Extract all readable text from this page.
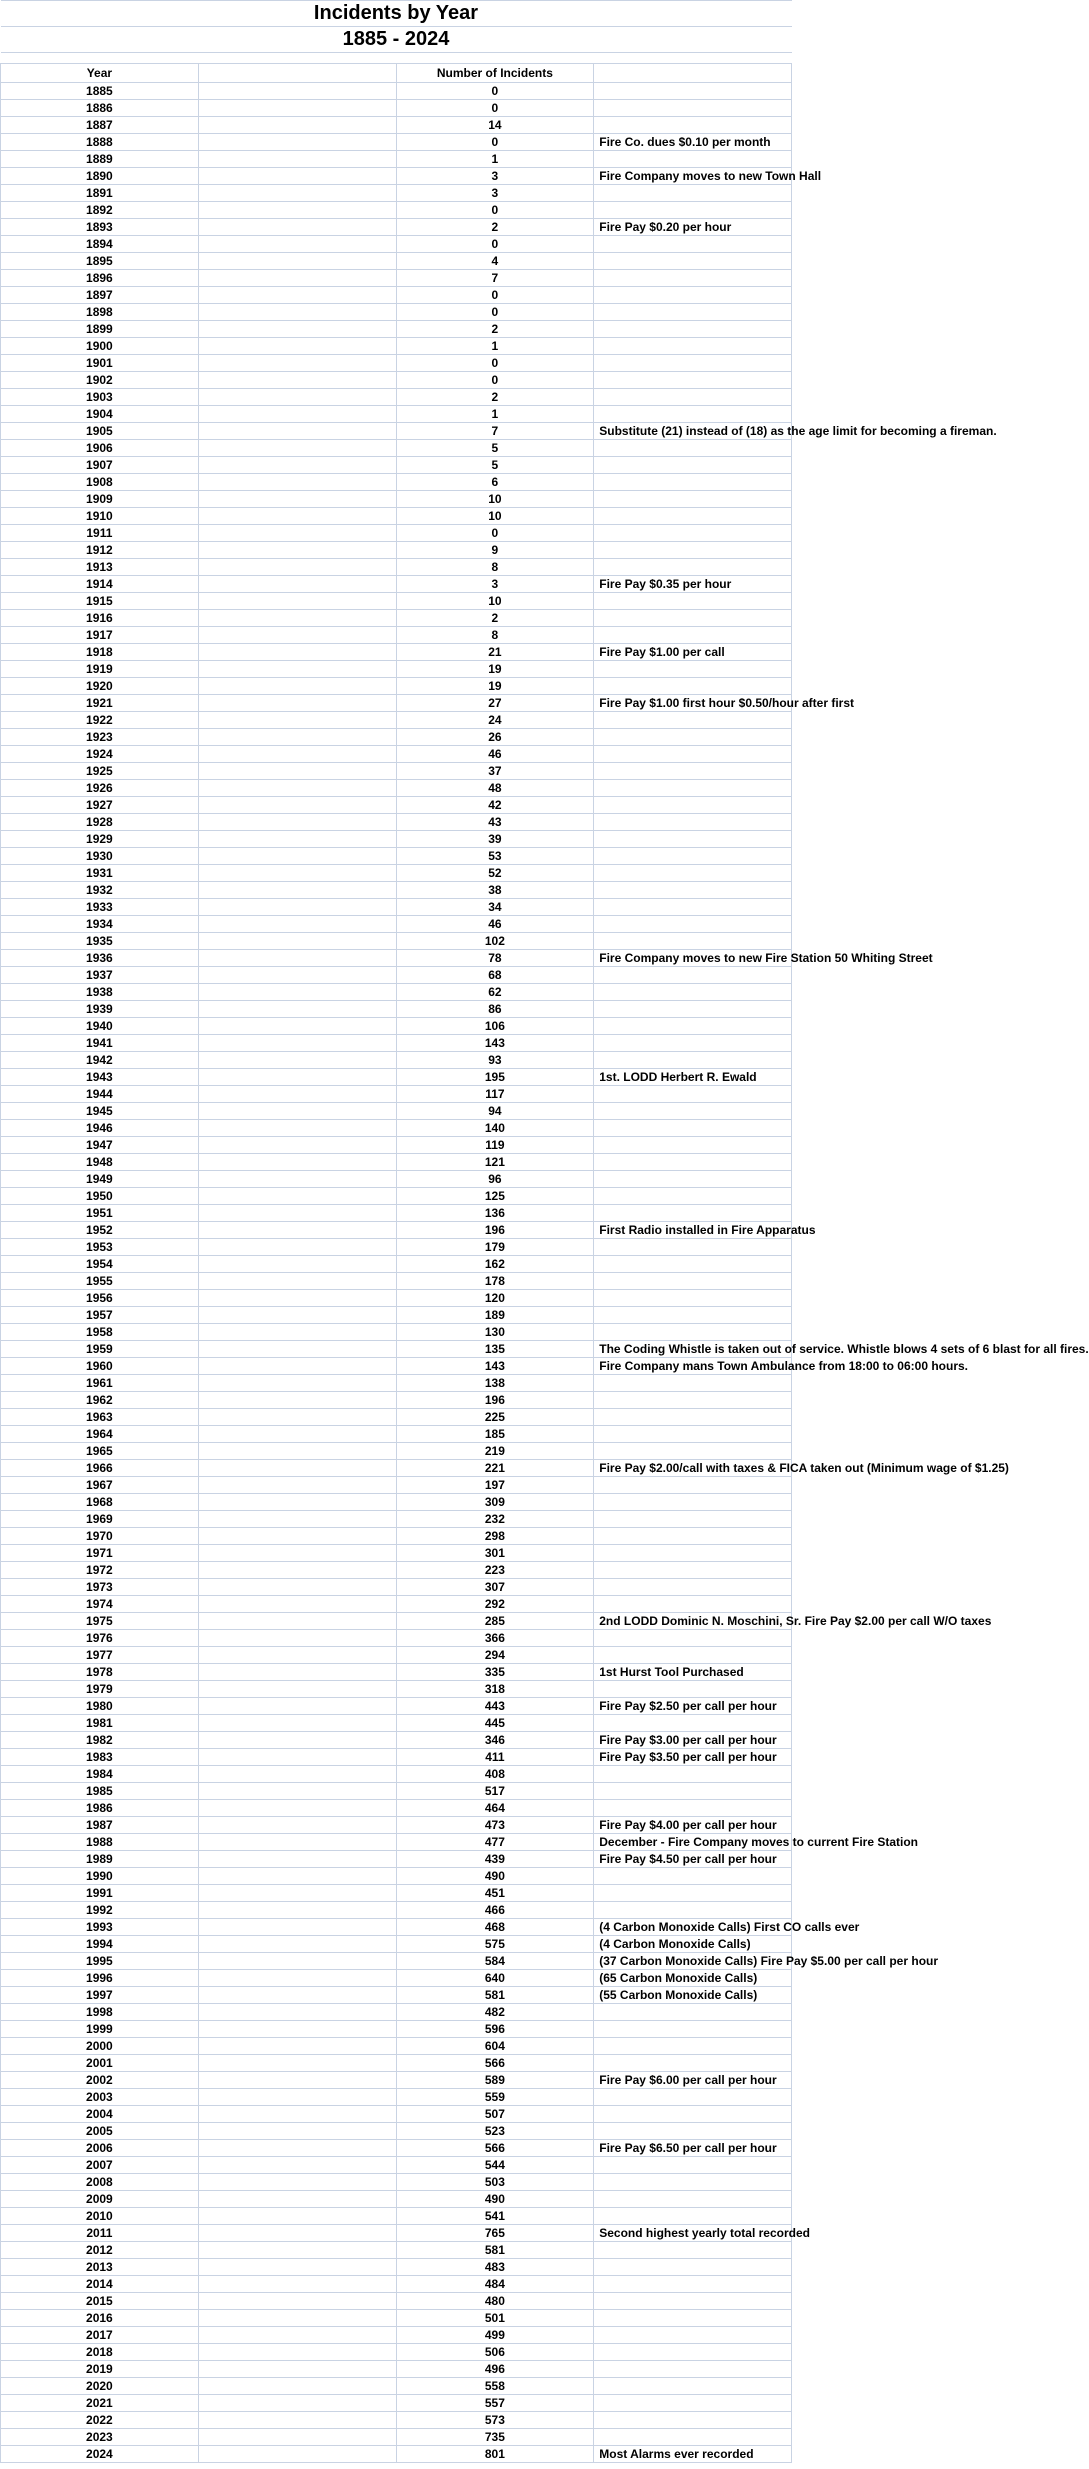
Incidents by Year			
1885 - 2024			

Year		Number of Incidents	
1885		0	
1886		0	
1887		14	
1888		0	Fire Co. dues $0.10 per month
1889		1	
1890		3	Fire Company moves to new Town Hall
1891		3	
1892		0	
1893		2	Fire Pay $0.20 per hour
1894		0	
1895		4	
1896		7	
1897		0	
1898		0	
1899		2	
1900		1	
1901		0	
1902		0	
1903		2	
1904		1	
1905		7	Substitute (21) instead of (18) as the age limit for becoming a fireman.
1906		5	
1907		5	
1908		6	
1909		10	
1910		10	
1911		0	
1912		9	
1913		8	
1914		3	Fire Pay $0.35 per hour
1915		10	
1916		2	
1917		8	
1918		21	Fire Pay $1.00 per call
1919		19	
1920		19	
1921		27	Fire Pay $1.00 first hour $0.50/hour after first
1922		24	
1923		26	
1924		46	
1925		37	
1926		48	
1927		42	
1928		43	
1929		39	
1930		53	
1931		52	
1932		38	
1933		34	
1934		46	
1935		102	
1936		78	Fire Company moves to new Fire Station 50 Whiting Street
1937		68	
1938		62	
1939		86	
1940		106	
1941		143	
1942		93	
1943		195	1st. LODD Herbert R. Ewald
1944		117	
1945		94	
1946		140	
1947		119	
1948		121	
1949		96	
1950		125	
1951		136	
1952		196	First Radio installed in Fire Apparatus
1953		179	
1954		162	
1955		178	
1956		120	
1957		189	
1958		130	
1959		135	The Coding Whistle is taken out of service. Whistle blows 4 sets of 6 blast for all fires.
1960		143	Fire Company mans Town Ambulance from 18:00 to 06:00 hours.
1961		138	
1962		196	
1963		225	
1964		185	
1965		219	
1966		221	Fire Pay $2.00/call with taxes & FICA taken out (Minimum wage of $1.25)
1967		197	
1968		309	
1969		232	
1970		298	
1971		301	
1972		223	
1973		307	
1974		292	
1975		285	2nd LODD Dominic N. Moschini, Sr. Fire Pay $2.00 per call W/O taxes
1976		366	
1977		294	
1978		335	1st Hurst Tool Purchased
1979		318	
1980		443	Fire Pay $2.50 per call per hour
1981		445	
1982		346	Fire Pay $3.00 per call per hour
1983		411	Fire Pay $3.50 per call per hour
1984		408	
1985		517	
1986		464	
1987		473	Fire Pay $4.00 per call per hour
1988		477	December - Fire Company moves to current Fire Station
1989		439	Fire Pay $4.50 per call per hour
1990		490	
1991		451	
1992		466	
1993		468	(4 Carbon Monoxide Calls) First CO calls ever
1994		575	(4 Carbon Monoxide Calls)
1995		584	(37 Carbon Monoxide Calls) Fire Pay $5.00 per call per hour
1996		640	(65 Carbon Monoxide Calls)
1997		581	(55 Carbon Monoxide Calls)
1998		482	
1999		596	
2000		604	
2001		566	
2002		589	Fire Pay $6.00 per call per hour
2003		559	
2004		507	
2005		523	
2006		566	Fire Pay $6.50 per call per hour
2007		544	
2008		503	
2009		490	
2010		541	
2011		765	Second highest yearly total recorded
2012		581	
2013		483	
2014		484	
2015		480	
2016		501	
2017		499	
2018		506	
2019		496	
2020		558	
2021		557	
2022		573	
2023		735	
2024		801	Most Alarms ever recorded
